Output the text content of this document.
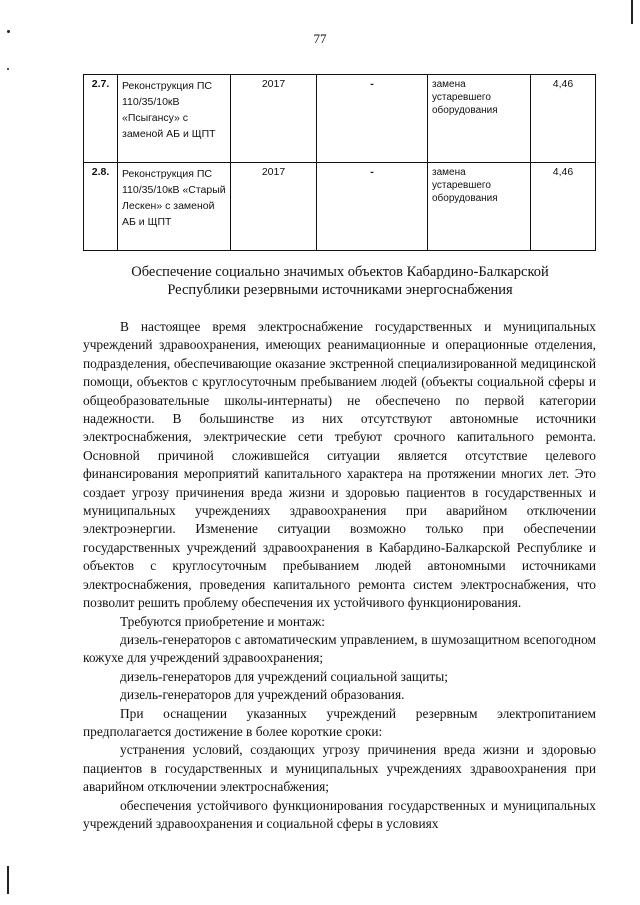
77
2.7.	Реконструкция ПС 110/35/10кВ «Псыгансу» с заменой АБ и ЩПТ	2017	-	замена устаревшего оборудования	4,46
2.8.	Реконструкция ПС 110/35/10кВ «Старый Лескен» с заменой АБ и ЩПТ	2017	-	замена устаревшего оборудования	4,46
Обеспечение социально значимых объектов Кабардино-Балкарской Республики резервными источниками энергоснабжения

В настоящее время электроснабжение государственных и муниципальных учреждений здравоохранения, имеющих реанимационные и операционные отделения, подразделения, обеспечивающие оказание экстренной специализированной медицинской помощи, объектов с круглосуточным пребыванием людей (объекты социальной сферы и общеобразовательные школы-интернаты) не обеспечено по первой категории надежности. В большинстве из них отсутствуют автономные источники электроснабжения, электрические сети требуют срочного капитального ремонта. Основной причиной сложившейся ситуации является отсутствие целевого финансирования мероприятий капитального характера на протяжении многих лет. Это создает угрозу причинения вреда жизни и здоровью пациентов в государственных и муниципальных учреждениях здравоохранения при аварийном отключении электроэнергии. Изменение ситуации возможно только при обеспечении государственных учреждений здравоохранения в Кабардино-Балкарской Республике и объектов с круглосуточным пребыванием людей автономными источниками электроснабжения, проведения капитального ремонта систем электроснабжения, что позволит решить проблему обеспечения их устойчивого функционирования.

Требуются приобретение и монтаж:

дизель-генераторов с автоматическим управлением, в шумозащитном всепогодном кожухе для учреждений здравоохранения;

дизель-генераторов для учреждений социальной защиты;

дизель-генераторов для учреждений образования.

При оснащении указанных учреждений резервным электропитанием предполагается достижение в более короткие сроки:

устранения условий, создающих угрозу причинения вреда жизни и здоровью пациентов в государственных и муниципальных учреждениях здравоохранения при аварийном отключении электроснабжения;

обеспечения устойчивого функционирования государственных и муниципальных учреждений здравоохранения и социальной сферы в условиях
